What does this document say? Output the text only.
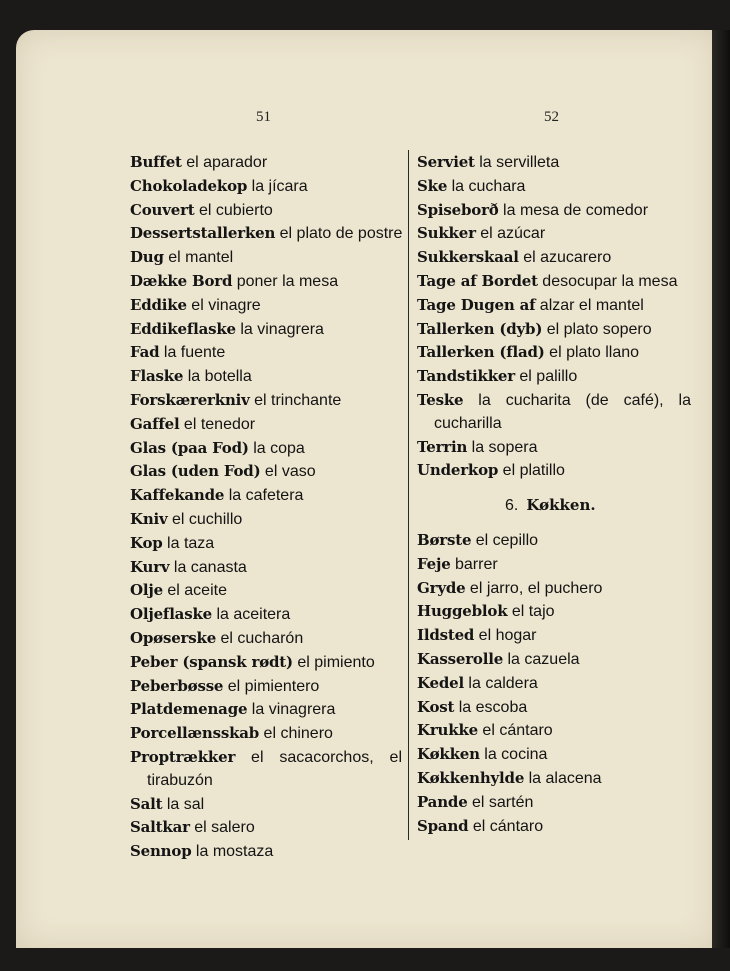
51	52
Buffet el aparador
Chokoladekop la jícara
Couvert el cubierto
Dessertstallerken el plato de postre
Dug el mantel
Dække Bord poner la mesa
Eddike el vinagre
Eddikeflaske la vinagrera
Fad la fuente
Flaske la botella
Forskærerkniv el trinchante
Gaffel el tenedor
Glas (paa Fod) la copa
Glas (uden Fod) el vaso
Kaffekande la cafetera
Kniv el cuchillo
Kop la taza
Kurv la canasta
Olje el aceite
Oljeflaske la aceitera
Opøserske el cucharón
Peber (spansk rødt) el pimiento
Peberbøsse el pimientero
Platdemenage la vinagrera
Porcellænsskab el chinero
Proptrækker el sacacorchos, el
tirabuzón
Salt la sal
Saltkar el salero
Sennop la mostaza
Serviet la servilleta
Ske la cuchara
Spiseborð la mesa de comedor
Sukker el azúcar
Sukkerskaal el azucarero
Tage af Bordet desocupar la mesa
Tage Dugen af alzar el mantel
Tallerken (dyb) el plato sopero
Tallerken (flad) el plato llano
Tandstikker el palillo
Teske la cucharita (de café), la
cucharilla
Terrin la sopera
Underkop el platillo
6. Køkken.
Børste el cepillo
Feje barrer
Gryde el jarro, el puchero
Huggeblok el tajo
Ildsted el hogar
Kasserolle la cazuela
Kedel la caldera
Kost la escoba
Krukke el cántaro
Køkken la cocina
Køkkenhylde la alacena
Pande el sartén
Spand el cántaro
